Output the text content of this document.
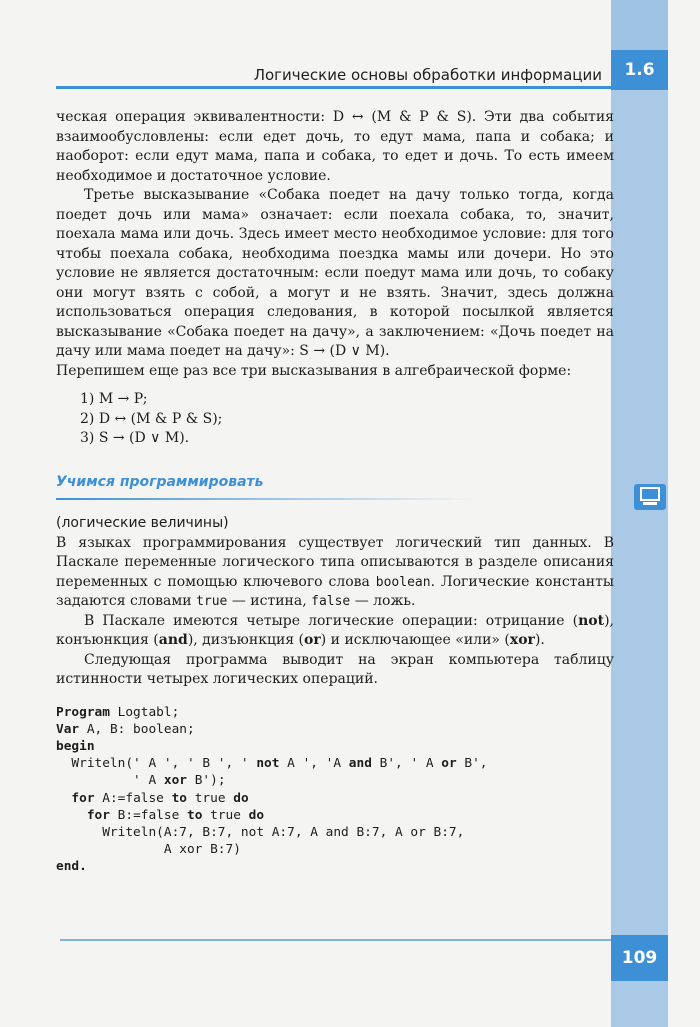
1.6
Логические основы обработки информации

ческая операция эквивалентности: D ↔ (M & P & S). Эти два события взаимообусловлены: если едет дочь, то едут мама, папа и собака; и наоборот: если едут мама, папа и собака, то едет и дочь. То есть имеем необходимое и достаточное условие.

Третье высказывание «Собака поедет на дачу только тогда, когда поедет дочь или мама» означает: если поехала собака, то, значит, поехала мама или дочь. Здесь имеет место необходимое условие: для того чтобы поехала собака, необходима поездка мамы или дочери. Но это условие не является достаточным: если поедут мама или дочь, то собаку они могут взять с собой, а могут и не взять. Значит, здесь должна использоваться операция следования, в которой посылкой является высказывание «Собака поедет на дачу», а заключением: «Дочь поедет на дачу или мама поедет на дачу»: S → (D ∨ M).

Перепишем еще раз все три высказывания в алгебраической форме:

1) M → P;
2) D ↔ (M & P & S);
3) S → (D ∨ M).
Учимся программировать
(логические величины)

В языках программирования существует логический тип данных. В Паскале переменные логического типа описываются в разделе описания переменных с помощью ключевого слова boolean. Логические константы задаются словами true — истина, false — ложь.

В Паскале имеются четыре логические операции: отрицание (not), конъюнкция (and), дизъюнкция (or) и исключающее «или» (xor).

Следующая программа выводит на экран компьютера таблицу истинности четырех логических операций.

Program Logtabl;
Var A, B: boolean;
begin
Writeln(' A ', ' B ', ' not A ', 'A and B', ' A or B',
' A xor B');
for A:=false to true do
for B:=false to true do
Writeln(A:7, B:7, not A:7, A and B:7, A or B:7,
A xor B:7)
end.
109
